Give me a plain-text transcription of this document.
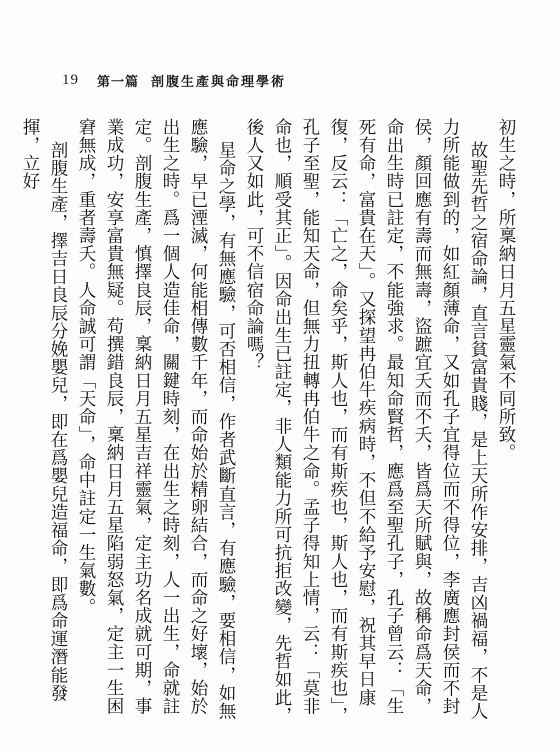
19 第一篇 剖腹生產與命理學術

初生之時，所稟納日月五星靈氣不同所致。

故聖先哲之宿命論，直言貧富貴賤，是上天所作安排，吉凶禍福，不是人力所能做到的，如紅顏薄命，又如孔子宜得位而不得位，李廣應封侯而不封侯，顏回應有壽而無壽，盜蹠宜夭而不夭，皆爲天所賦與，故稱命爲天命，命出生時已註定，不能強求。最知命賢哲，應爲至聖孔子，孔子曾云：「生死有命，富貴在天」。又探望冉伯牛疾病時，不但不給予安慰，祝其早日康復，反云：「亡之，命矣乎，斯人也，而有斯疾也，斯人也，而有斯疾也」，孔子至聖，能知天命，但無力扭轉冉伯牛之命。孟子得知上情，云：「莫非命也，順受其正」。因命出生已註定，非人類能力所可抗拒改變，先哲如此，後人又如此，可不信宿命論嗎？

星命之學，有無應驗，可否相信，作者武斷直言，有應驗，要相信，如無應驗，早已湮滅，何能相傳數千年，而命始於精卵結合，而命之好壞，始於出生之時。爲一個人造佳命，關鍵時刻，在出生之時刻，人一出生，命就註定。剖腹生產，慎擇良辰，稟納日月五星吉祥靈氣，定主功名成就可期，事業成功，安享富貴無疑。苟撰錯良辰，稟納日月五星陷弱怒氣，定主一生困窘無成，重者壽夭。人命誠可謂「天命」，命中註定一生氣數。

剖腹生產，擇吉日良辰分娩嬰兒，即在爲嬰兒造福命，即爲命運潛能發揮，立好
